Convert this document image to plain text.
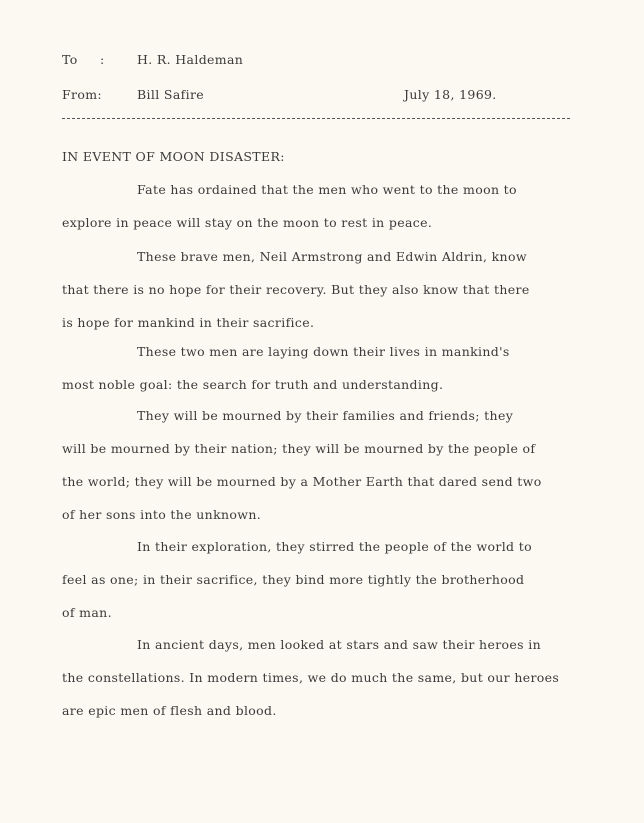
To :	H. R. Haldeman
From:	Bill Safire	July 18, 1969.
IN EVENT OF MOON DISASTER:
Fate has ordained that the men who went to the moon to
explore in peace will stay on the moon to rest in peace.
These brave men, Neil Armstrong and Edwin Aldrin, know
that there is no hope for their recovery. But they also know that there
is hope for mankind in their sacrifice.
These two men are laying down their lives in mankind's
most noble goal: the search for truth and understanding.
They will be mourned by their families and friends; they
will be mourned by their nation; they will be mourned by the people of
the world; they will be mourned by a Mother Earth that dared send two
of her sons into the unknown.
In their exploration, they stirred the people of the world to
feel as one; in their sacrifice, they bind more tightly the brotherhood
of man.
In ancient days, men looked at stars and saw their heroes in
the constellations. In modern times, we do much the same, but our heroes
are epic men of flesh and blood.
